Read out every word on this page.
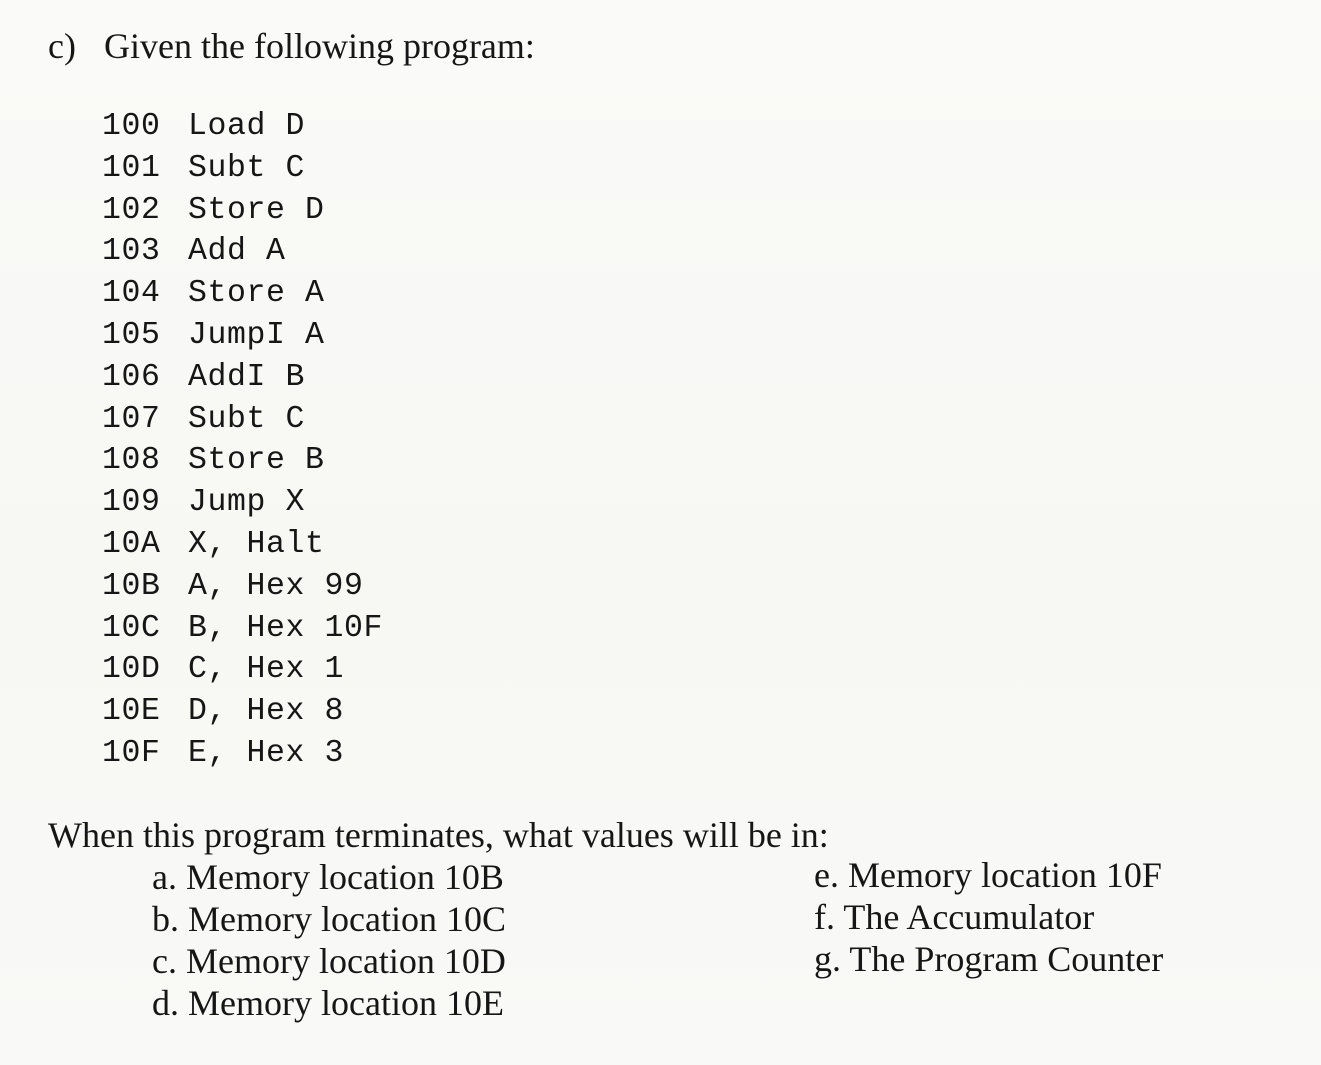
c) Given the following program:
100 Load D
101 Subt C
102 Store D
103 Add A
104 Store A
105 JumpI A
106 AddI B
107 Subt C
108 Store B
109 Jump X
10A X, Halt
10B A, Hex 99
10C B, Hex 10F
10D C, Hex 1
10E D, Hex 8
10F E, Hex 3
When this program terminates, what values will be in:
a. Memory location 10B
b. Memory location 10C
c. Memory location 10D
d. Memory location 10E
e. Memory location 10F
f. The Accumulator
g. The Program Counter
